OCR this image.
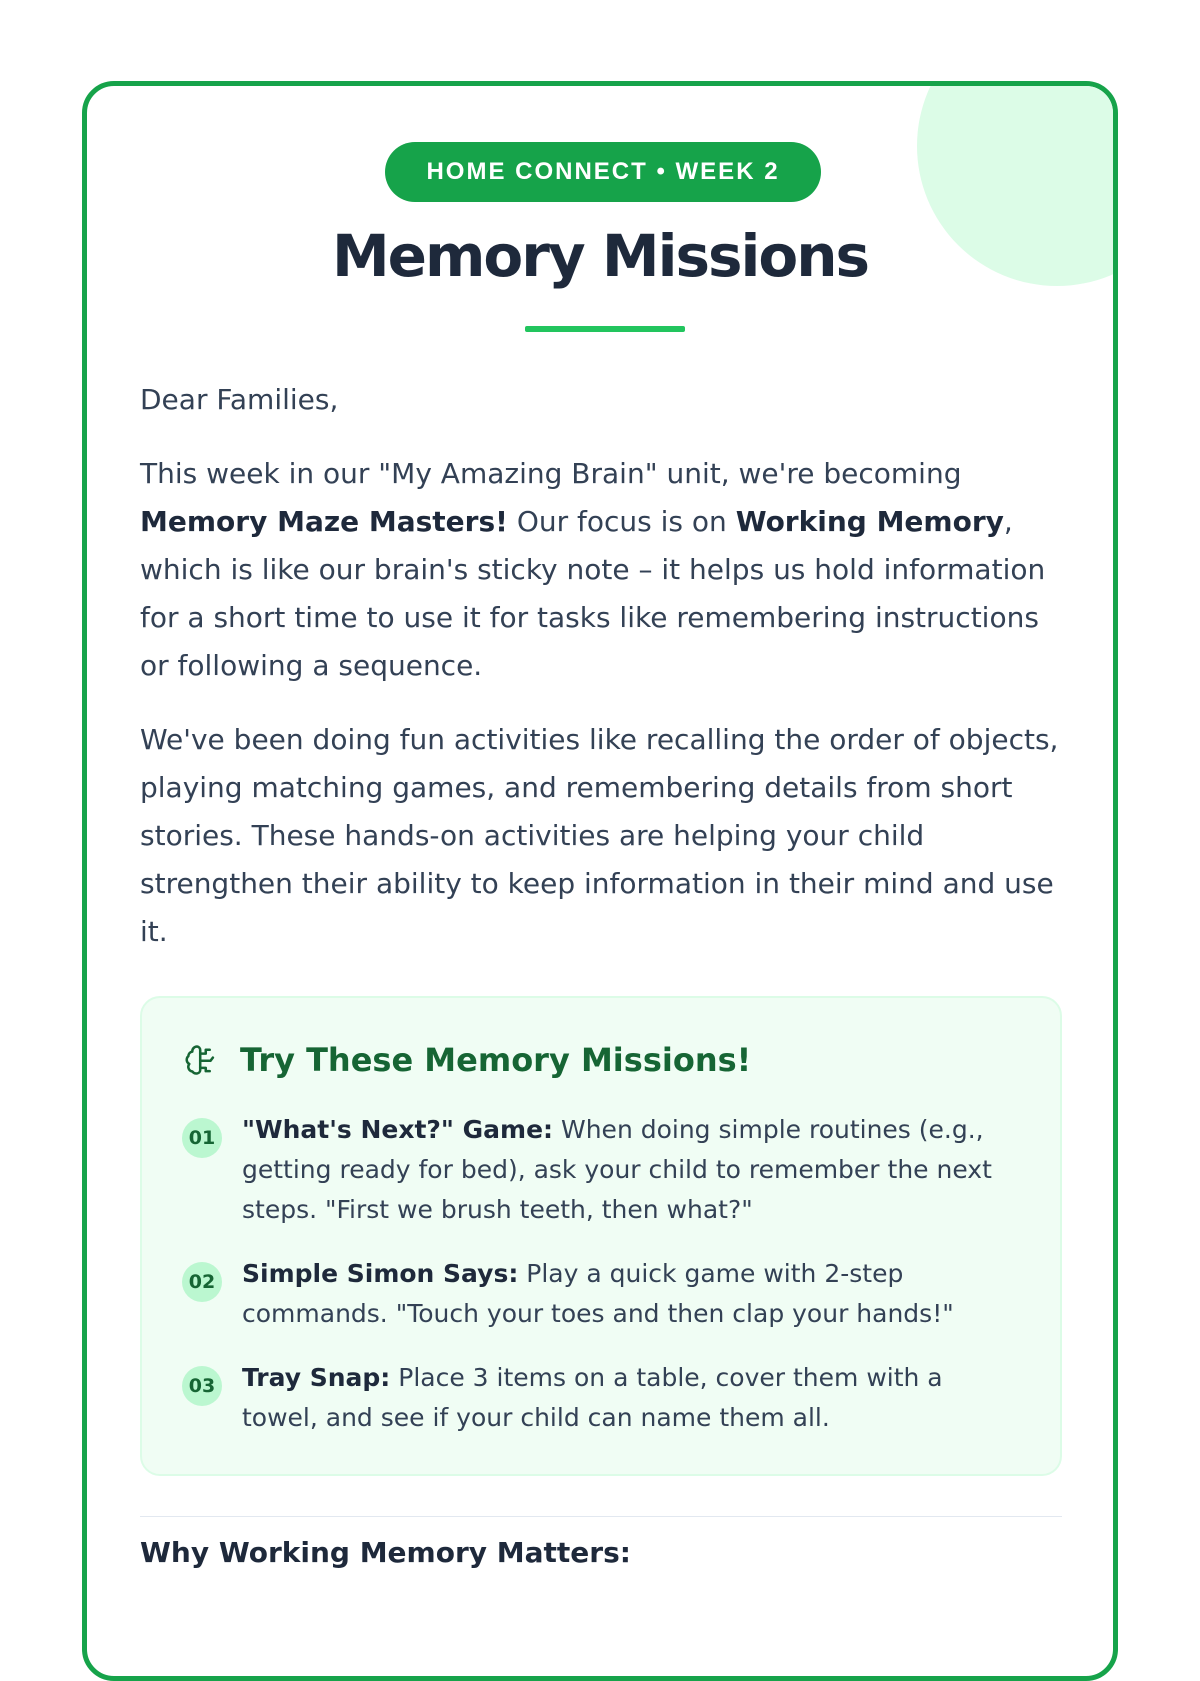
HOME CONNECT • WEEK 2
Memory Missions

Dear Families,

This week in our "My Amazing Brain" unit, we're becoming Memory Maze Masters! Our focus is on Working Memory, which is like our brain's sticky note – it helps us hold information for a short time to use it for tasks like remembering instructions or following a sequence.

We've been doing fun activities like recalling the order of objects, playing matching games, and remembering details from short stories. These hands-on activities are helping your child strengthen their ability to keep information in their mind and use it.

Try These Memory Missions!
01 "What's Next?" Game: When doing simple routines (e.g., getting ready for bed), ask your child to remember the next steps. "First we brush teeth, then what?"
02 Simple Simon Says: Play a quick game with 2-step commands. "Touch your toes and then clap your hands!"
03 Tray Snap: Place 3 items on a table, cover them with a towel, and see if your child can name them all.
Why Working Memory Matters:
